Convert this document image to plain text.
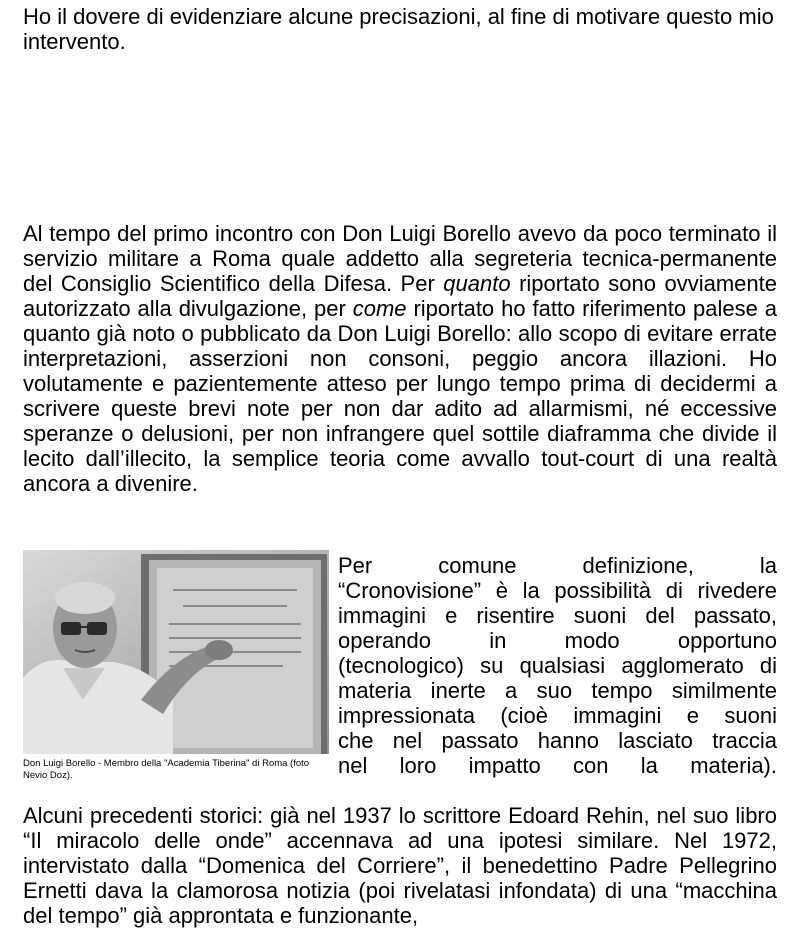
Ho il dovere di evidenziare alcune precisazioni, al fine di motivare questo mio intervento.

Al tempo del primo incontro con Don Luigi Borello avevo da poco terminato il servizio militare a Roma quale addetto alla segreteria tecnica-permanente del Consiglio Scientifico della Difesa. Per quanto riportato sono ovviamente autorizzato alla divulgazione, per come riportato ho fatto riferimento palese a quanto già noto o pubblicato da Don Luigi Borello: allo scopo di evitare errate interpretazioni, asserzioni non consoni, peggio ancora illazioni. Ho volutamente e pazientemente atteso per lungo tempo prima di decidermi a scrivere queste brevi note per non dar adito ad allarmismi, né eccessive speranze o delusioni, per non infrangere quel sottile diaframma che divide il lecito dall’illecito, la semplice teoria come avvallo tout-court di una realtà ancora a divenire.

Don Luigi Borello - Membro della "Academia Tiberina" di Roma (foto Nevio Doz).

Per comune definizione, la
“Cronovisione” è la possibilità di rivedere
immagini e risentire suoni del passato,
operando in modo opportuno
(tecnologico) su qualsiasi agglomerato di
materia inerte a suo tempo similmente
impressionata (cioè immagini e suoni
che nel passato hanno lasciato traccia
nel loro impatto con la materia).

Alcuni precedenti storici: già nel 1937 lo scrittore Edoard Rehin, nel suo libro “Il miracolo delle onde” accennava ad una ipotesi similare. Nel 1972, intervistato dalla “Domenica del Corriere”, il benedettino Padre Pellegrino Ernetti dava la clamorosa notizia (poi rivelatasi infondata) di una “macchina del tempo” già approntata e funzionante,
